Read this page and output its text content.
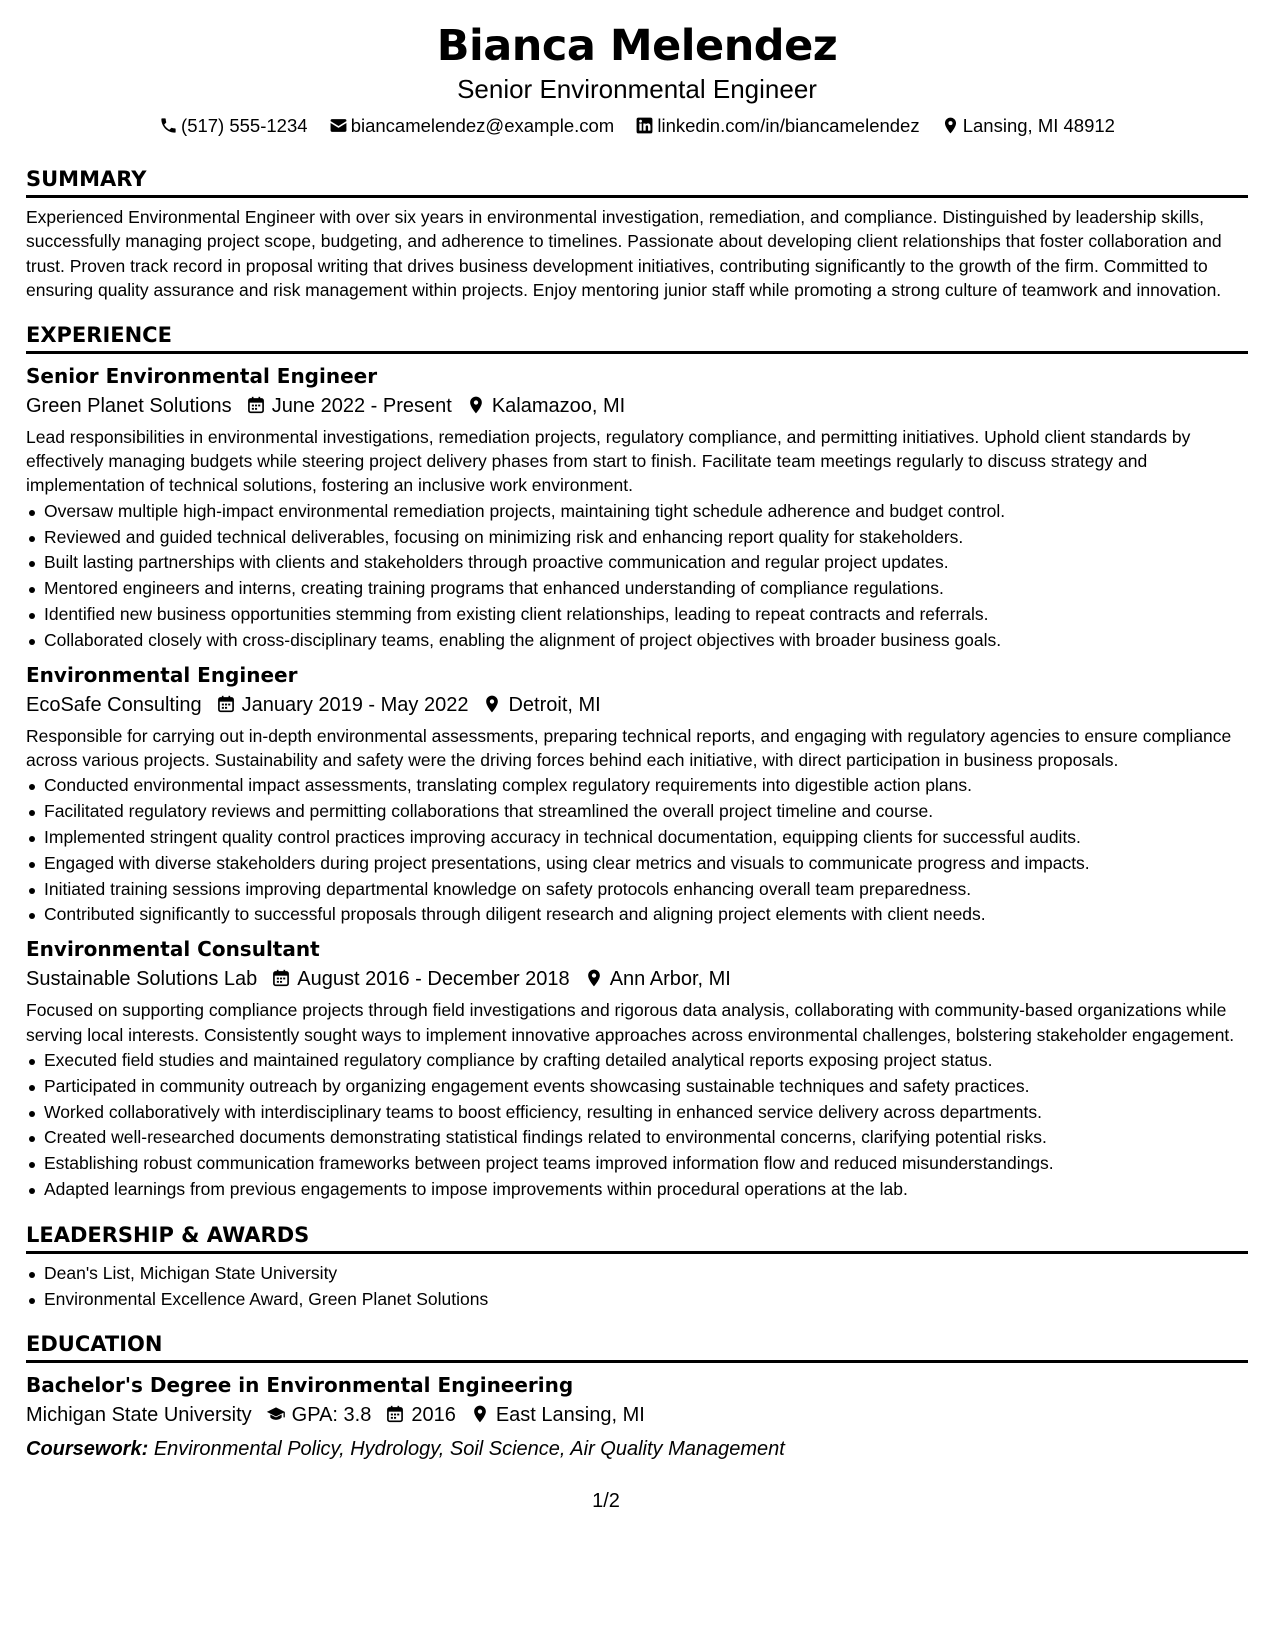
Bianca Melendez
Senior Environmental Engineer
(517) 555-1234 biancamelendez@example.com linkedin.com/in/biancamelendez Lansing, MI 48912
SUMMARY
Experienced Environmental Engineer with over six years in environmental investigation, remediation, and compliance. Distinguished by leadership skills, successfully managing project scope, budgeting, and adherence to timelines. Passionate about developing client relationships that foster collaboration and trust. Proven track record in proposal writing that drives business development initiatives, contributing significantly to the growth of the firm. Committed to ensuring quality assurance and risk management within projects. Enjoy mentoring junior staff while promoting a strong culture of teamwork and innovation.
EXPERIENCE
Senior Environmental Engineer
Green Planet Solutions June 2022 - Present Kalamazoo, MI
Lead responsibilities in environmental investigations, remediation projects, regulatory compliance, and permitting initiatives. Uphold client standards by effectively managing budgets while steering project delivery phases from start to finish. Facilitate team meetings regularly to discuss strategy and implementation of technical solutions, fostering an inclusive work environment.
Oversaw multiple high-impact environmental remediation projects, maintaining tight schedule adherence and budget control.
Reviewed and guided technical deliverables, focusing on minimizing risk and enhancing report quality for stakeholders.
Built lasting partnerships with clients and stakeholders through proactive communication and regular project updates.
Mentored engineers and interns, creating training programs that enhanced understanding of compliance regulations.
Identified new business opportunities stemming from existing client relationships, leading to repeat contracts and referrals.
Collaborated closely with cross-disciplinary teams, enabling the alignment of project objectives with broader business goals.
Environmental Engineer
EcoSafe Consulting January 2019 - May 2022 Detroit, MI
Responsible for carrying out in-depth environmental assessments, preparing technical reports, and engaging with regulatory agencies to ensure compliance across various projects. Sustainability and safety were the driving forces behind each initiative, with direct participation in business proposals.
Conducted environmental impact assessments, translating complex regulatory requirements into digestible action plans.
Facilitated regulatory reviews and permitting collaborations that streamlined the overall project timeline and course.
Implemented stringent quality control practices improving accuracy in technical documentation, equipping clients for successful audits.
Engaged with diverse stakeholders during project presentations, using clear metrics and visuals to communicate progress and impacts.
Initiated training sessions improving departmental knowledge on safety protocols enhancing overall team preparedness.
Contributed significantly to successful proposals through diligent research and aligning project elements with client needs.
Environmental Consultant
Sustainable Solutions Lab August 2016 - December 2018 Ann Arbor, MI
Focused on supporting compliance projects through field investigations and rigorous data analysis, collaborating with community-based organizations while serving local interests. Consistently sought ways to implement innovative approaches across environmental challenges, bolstering stakeholder engagement.
Executed field studies and maintained regulatory compliance by crafting detailed analytical reports exposing project status.
Participated in community outreach by organizing engagement events showcasing sustainable techniques and safety practices.
Worked collaboratively with interdisciplinary teams to boost efficiency, resulting in enhanced service delivery across departments.
Created well-researched documents demonstrating statistical findings related to environmental concerns, clarifying potential risks.
Establishing robust communication frameworks between project teams improved information flow and reduced misunderstandings.
Adapted learnings from previous engagements to impose improvements within procedural operations at the lab.
LEADERSHIP & AWARDS
Dean's List, Michigan State University
Environmental Excellence Award, Green Planet Solutions
EDUCATION
Bachelor's Degree in Environmental Engineering
Michigan State University GPA: 3.8 2016 East Lansing, MI
Coursework: Environmental Policy, Hydrology, Soil Science, Air Quality Management
1/2
